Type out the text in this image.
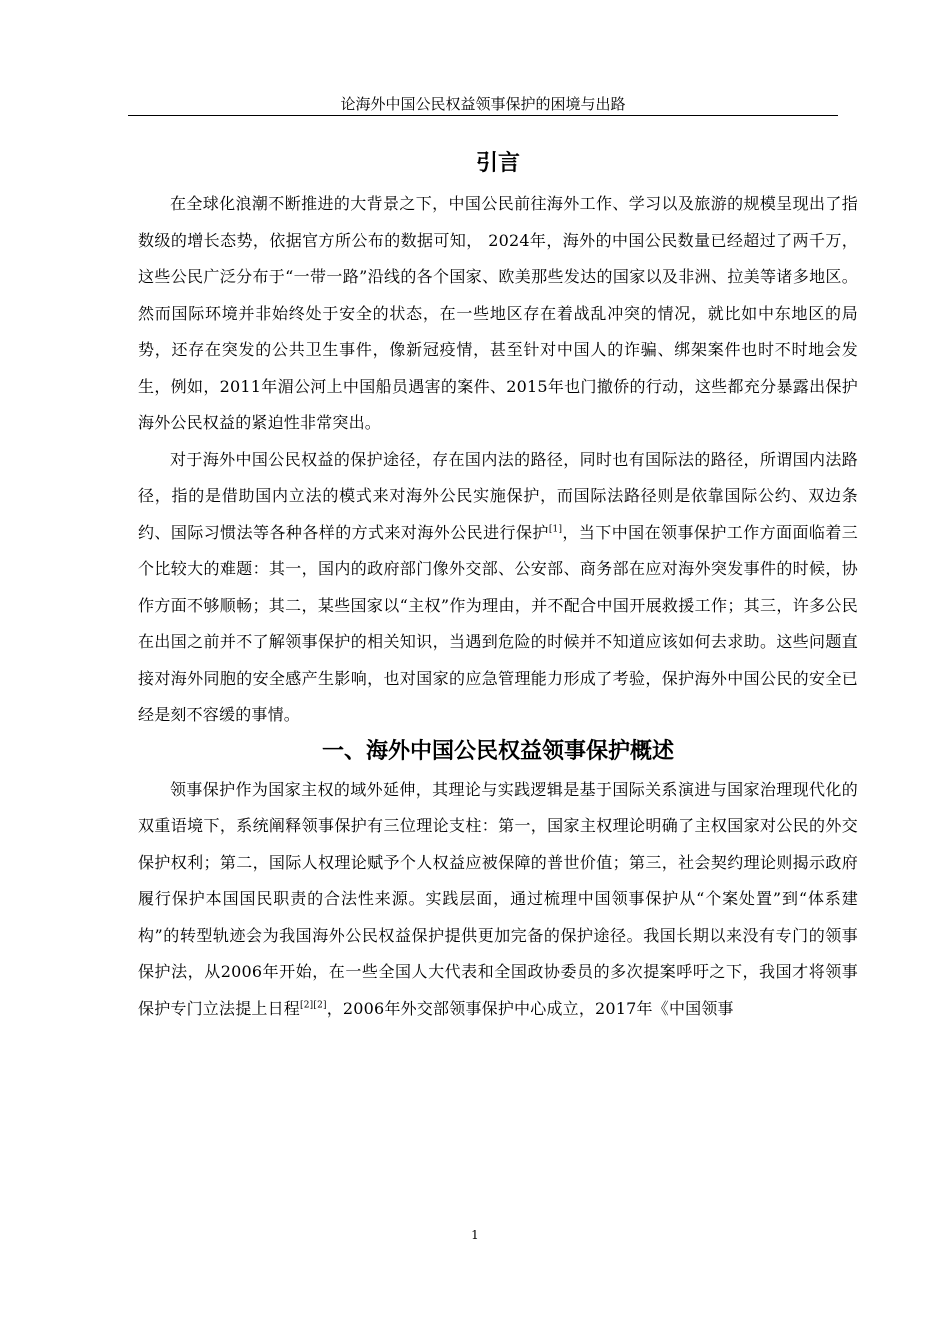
论海外中国公民权益领事保护的困境与出路
引言

在全球化浪潮不断推进的大背景之下，中国公民前往海外工作、学习以及旅游的规模呈现出了指数级的增长态势，依据官方所公布的数据可知， 2024年，海外的中国公民数量已经超过了两千万，这些公民广泛分布于“一带一路”沿线的各个国家、欧美那些发达的国家以及非洲、拉美等诸多地区。然而国际环境并非始终处于安全的状态，在一些地区存在着战乱冲突的情况，就比如中东地区的局势，还存在突发的公共卫生事件，像新冠疫情，甚至针对中国人的诈骗、绑架案件也时不时地会发生，例如，2011年湄公河上中国船员遇害的案件、2015年也门撤侨的行动，这些都充分暴露出保护海外公民权益的紧迫性非常突出。

对于海外中国公民权益的保护途径，存在国内法的路径，同时也有国际法的路径，所谓国内法路径，指的是借助国内立法的模式来对海外公民实施保护，而国际法路径则是依靠国际公约、双边条约、国际习惯法等各种各样的方式来对海外公民进行保护[1]，当下中国在领事保护工作方面面临着三个比较大的难题：其一，国内的政府部门像外交部、公安部、商务部在应对海外突发事件的时候，协作方面不够顺畅；其二，某些国家以“主权”作为理由，并不配合中国开展救援工作；其三，许多公民在出国之前并不了解领事保护的相关知识，当遇到危险的时候并不知道应该如何去求助。这些问题直接对海外同胞的安全感产生影响，也对国家的应急管理能力形成了考验，保护海外中国公民的安全已经是刻不容缓的事情。

一、海外中国公民权益领事保护概述

领事保护作为国家主权的域外延伸，其理论与实践逻辑是基于国际关系演进与国家治理现代化的双重语境下，系统阐释领事保护有三位理论支柱：第一，国家主权理论明确了主权国家对公民的外交保护权利；第二，国际人权理论赋予个人权益应被保障的普世价值；第三，社会契约理论则揭示政府履行保护本国国民职责的合法性来源。实践层面，通过梳理中国领事保护从“个案处置”到“体系建构”的转型轨迹会为我国海外公民权益保护提供更加完备的保护途径。我国长期以来没有专门的领事保护法，从2006年开始，在一些全国人大代表和全国政协委员的多次提案呼吁之下，我国才将领事保护专门立法提上日程[2][2]，2006年外交部领事保护中心成立，2017年《中国领事

1
